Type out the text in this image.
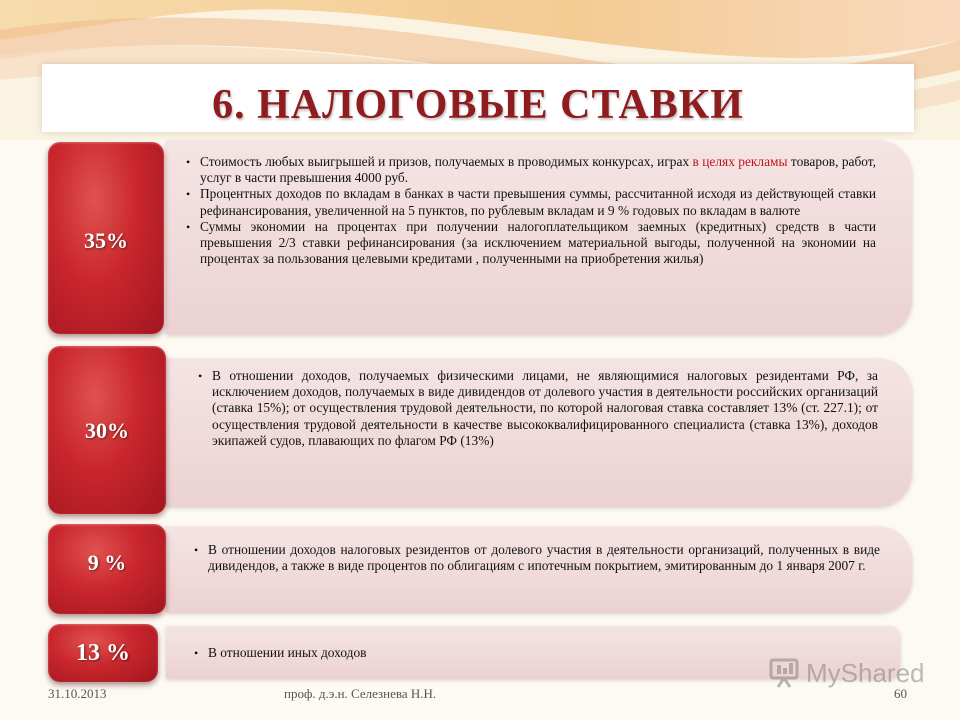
6. НАЛОГОВЫЕ СТАВКИ
35%
• Стоимость любых выигрышей и призов, получаемых в проводимых конкурсах, играх в целях рекламы товаров, работ, услуг в части превышения 4000 руб.
• Процентных доходов по вкладам в банках в части превышения суммы, рассчитанной исходя из действующей ставки рефинансирования, увеличенной на 5 пунктов, по рублевым вкладам и 9 % годовых по вкладам в валюте
• Суммы экономии на процентах при получении налогоплательщиком заемных (кредитных) средств в части превышения 2/3 ставки рефинансирования (за исключением материальной выгоды, полученной на экономии на процентах за пользования целевыми кредитами , полученными на приобретения жилья)
30%
• В отношении доходов, получаемых физическими лицами, не являющимися налоговых резидентами РФ, за исключением доходов, получаемых в виде дивидендов от долевого участия в деятельности российских организаций (ставка 15%); от осуществления трудовой деятельности, по которой налоговая ставка составляет 13% (ст. 227.1); от осуществления трудовой деятельности в качестве высококвалифицированного специалиста (ставка 13%), доходов экипажей судов, плавающих по флагом РФ (13%)
9 %
• В отношении доходов налоговых резидентов от долевого участия в деятельности организаций, полученных в виде дивидендов, а также в виде процентов по облигациям с ипотечным покрытием, эмитированным до 1 января 2007 г.
13 %
•	В отношении иных доходов
MyShared
31.10.2013	проф. д.э.н. Селезнева Н.Н.	60
